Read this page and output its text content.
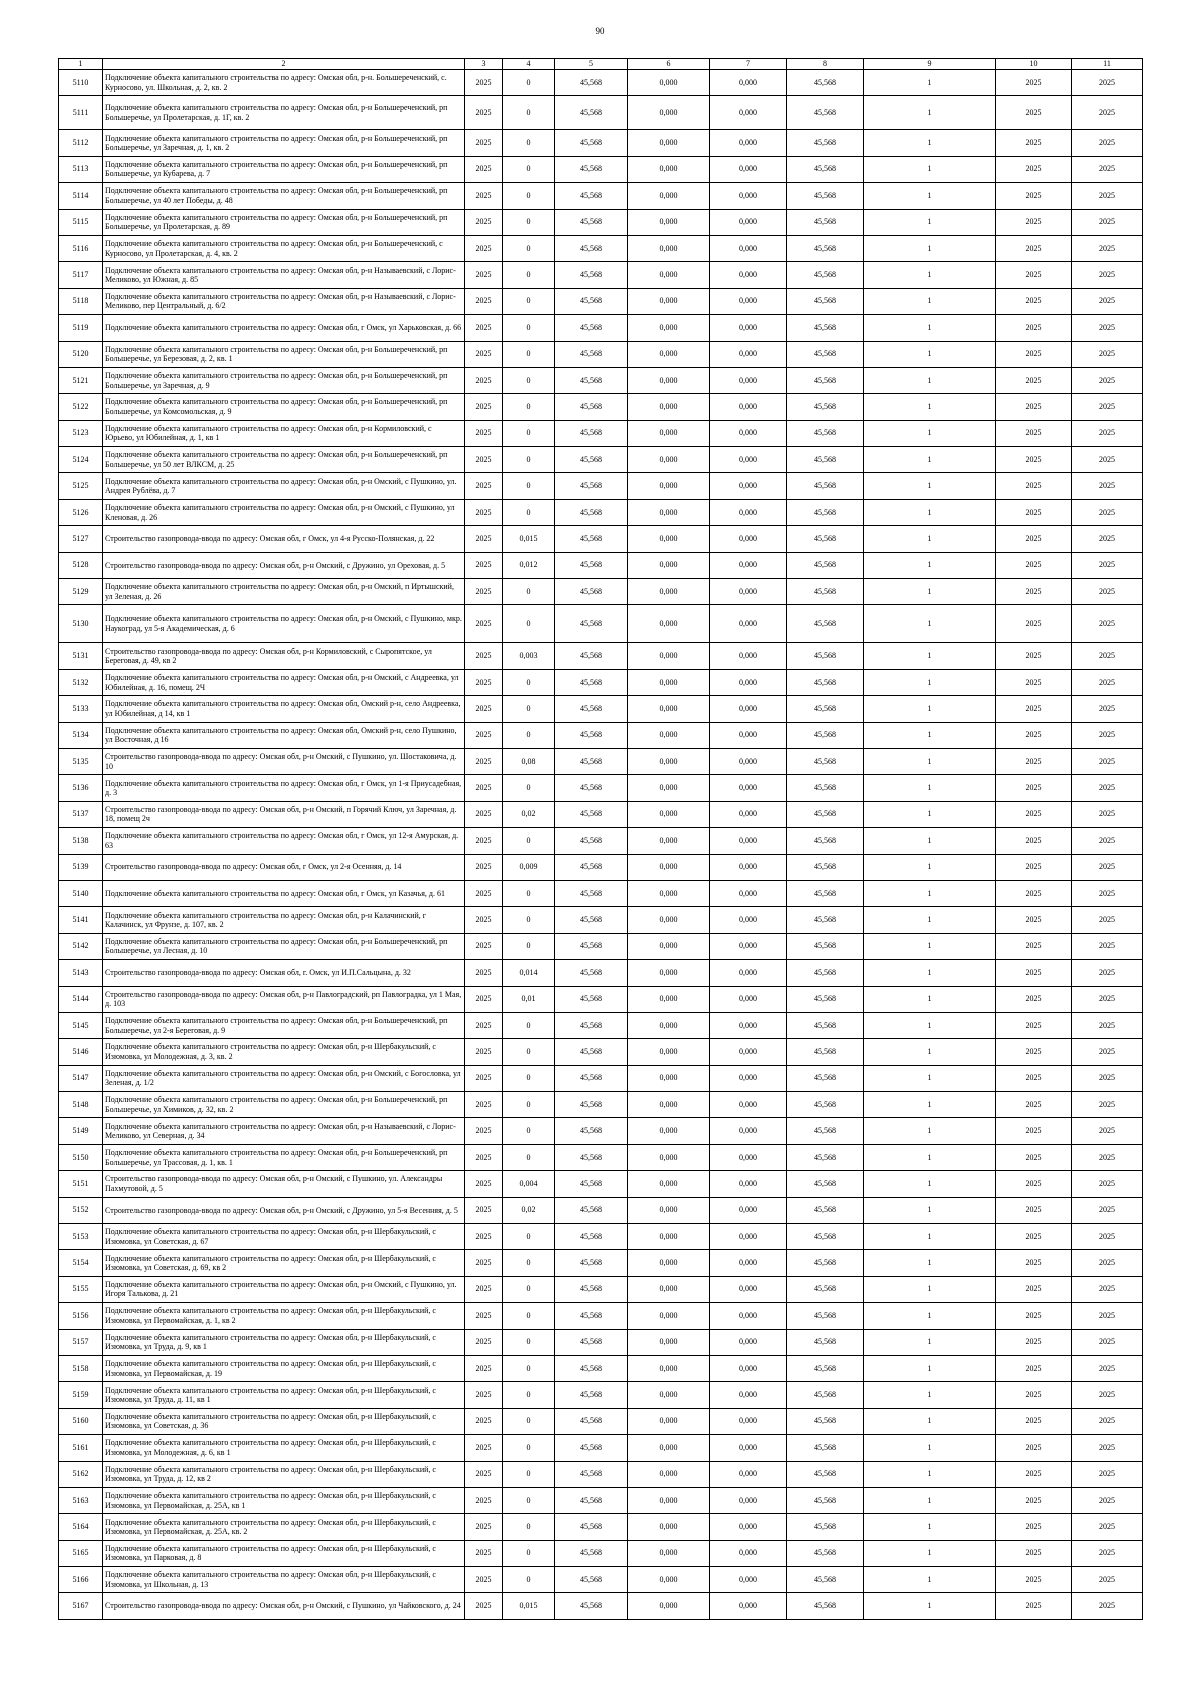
90
1	2	3	4	5	6	7	8	9	10	11
5110	Подключение объекта капитального строительства по адресу: Омская обл, р-н. Большереченский, с. Курносово, ул. Школьная, д. 2, кв. 2	2025	0	45,568	0,000	0,000	45,568	1	2025	2025
5111	Подключение объекта капитального строительства по адресу: Омская обл, р-н Большереченский, рп Большеречье, ул Пролетарская, д. 1Г, кв. 2	2025	0	45,568	0,000	0,000	45,568	1	2025	2025
5112	Подключение объекта капитального строительства по адресу: Омская обл, р-н Большереченский, рп Большеречье, ул Заречная, д. 1, кв. 2	2025	0	45,568	0,000	0,000	45,568	1	2025	2025
5113	Подключение объекта капитального строительства по адресу: Омская обл, р-н Большереченский, рп Большеречье, ул Кубарева, д. 7	2025	0	45,568	0,000	0,000	45,568	1	2025	2025
5114	Подключение объекта капитального строительства по адресу: Омская обл, р-н Большереченский, рп Большеречье, ул 40 лет Победы, д. 48	2025	0	45,568	0,000	0,000	45,568	1	2025	2025
5115	Подключение объекта капитального строительства по адресу: Омская обл, р-н Большереченский, рп Большеречье, ул Пролетарская, д. 89	2025	0	45,568	0,000	0,000	45,568	1	2025	2025
5116	Подключение объекта капитального строительства по адресу: Омская обл, р-н Большереченский, с Курносово, ул Пролетарская, д. 4, кв. 2	2025	0	45,568	0,000	0,000	45,568	1	2025	2025
5117	Подключение объекта капитального строительства по адресу: Омская обл, р-н Называевский, с Лорис-Меликово, ул Южная, д. 85	2025	0	45,568	0,000	0,000	45,568	1	2025	2025
5118	Подключение объекта капитального строительства по адресу: Омская обл, р-н Называевский, с Лорис-Меликово, пер Центральный, д. 6/2	2025	0	45,568	0,000	0,000	45,568	1	2025	2025
5119	Подключение объекта капитального строительства по адресу: Омская обл, г Омск, ул Харьковская, д. 66	2025	0	45,568	0,000	0,000	45,568	1	2025	2025
5120	Подключение объекта капитального строительства по адресу: Омская обл, р-н Большереченский, рп Большеречье, ул Березовая, д. 2, кв. 1	2025	0	45,568	0,000	0,000	45,568	1	2025	2025
5121	Подключение объекта капитального строительства по адресу: Омская обл, р-н Большереченский, рп Большеречье, ул Заречная, д. 9	2025	0	45,568	0,000	0,000	45,568	1	2025	2025
5122	Подключение объекта капитального строительства по адресу: Омская обл, р-н Большереченский, рп Большеречье, ул Комсомольская, д. 9	2025	0	45,568	0,000	0,000	45,568	1	2025	2025
5123	Подключение объекта капитального строительства по адресу: Омская обл, р-н Кормиловский, с Юрьево, ул Юбилейная, д. 1, кв 1	2025	0	45,568	0,000	0,000	45,568	1	2025	2025
5124	Подключение объекта капитального строительства по адресу: Омская обл, р-н Большереченский, рп Большеречье, ул 50 лет ВЛКСМ, д. 25	2025	0	45,568	0,000	0,000	45,568	1	2025	2025
5125	Подключение объекта капитального строительства по адресу: Омская обл, р-н Омский, с Пушкино, ул. Андрея Рублёва, д. 7	2025	0	45,568	0,000	0,000	45,568	1	2025	2025
5126	Подключение объекта капитального строительства по адресу: Омская обл, р-н Омский, с Пушкино, ул Кленовая, д. 26	2025	0	45,568	0,000	0,000	45,568	1	2025	2025
5127	Строительство газопровода-ввода по адресу: Омская обл, г Омск, ул 4-я Русско-Полянская, д. 22	2025	0,015	45,568	0,000	0,000	45,568	1	2025	2025
5128	Строительство газопровода-ввода по адресу: Омская обл, р-н Омский, с Дружино, ул Ореховая, д. 5	2025	0,012	45,568	0,000	0,000	45,568	1	2025	2025
5129	Подключение объекта капитального строительства по адресу: Омская обл, р-н Омский, п Иртышский, ул Зеленая, д. 26	2025	0	45,568	0,000	0,000	45,568	1	2025	2025
5130	Подключение объекта капитального строительства по адресу: Омская обл, р-н Омский, с Пушкино, мкр. Наукоград, ул 5-я Академическая, д. 6	2025	0	45,568	0,000	0,000	45,568	1	2025	2025
5131	Строительство газопровода-ввода по адресу: Омская обл, р-н Кормиловский, с Сыропятское, ул Береговая, д. 49, кв 2	2025	0,003	45,568	0,000	0,000	45,568	1	2025	2025
5132	Подключение объекта капитального строительства по адресу: Омская обл, р-н Омский, с Андреевка, ул Юбилейная, д. 16, помещ. 2Ч	2025	0	45,568	0,000	0,000	45,568	1	2025	2025
5133	Подключение объекта капитального строительства по адресу: Омская обл, Омский р-н, село Андреевка, ул Юбилейная, д 14, кв 1	2025	0	45,568	0,000	0,000	45,568	1	2025	2025
5134	Подключение объекта капитального строительства по адресу: Омская обл, Омский р-н, село Пушкино, ул Восточная, д 16	2025	0	45,568	0,000	0,000	45,568	1	2025	2025
5135	Строительство газопровода-ввода по адресу: Омская обл, р-н Омский, с Пушкино, ул. Шостаковича, д. 10	2025	0,08	45,568	0,000	0,000	45,568	1	2025	2025
5136	Подключение объекта капитального строительства по адресу: Омская обл, г Омск, ул 1-я Приусадебная, д. 3	2025	0	45,568	0,000	0,000	45,568	1	2025	2025
5137	Строительство газопровода-ввода по адресу: Омская обл, р-н Омский, п Горячий Ключ, ул Заречная, д. 18, помещ 2ч	2025	0,02	45,568	0,000	0,000	45,568	1	2025	2025
5138	Подключение объекта капитального строительства по адресу: Омская обл, г Омск, ул 12-я Амурская, д. 63	2025	0	45,568	0,000	0,000	45,568	1	2025	2025
5139	Строительство газопровода-ввода по адресу: Омская обл, г Омск, ул 2-я Осенняя, д. 14	2025	0,009	45,568	0,000	0,000	45,568	1	2025	2025
5140	Подключение объекта капитального строительства по адресу: Омская обл, г Омск, ул Казачья, д. 61	2025	0	45,568	0,000	0,000	45,568	1	2025	2025
5141	Подключение объекта капитального строительства по адресу: Омская обл, р-н Калачинский, г Калачинск, ул Фрунзе, д. 107, кв. 2	2025	0	45,568	0,000	0,000	45,568	1	2025	2025
5142	Подключение объекта капитального строительства по адресу: Омская обл, р-н Большереченский, рп Большеречье, ул Лесная, д. 10	2025	0	45,568	0,000	0,000	45,568	1	2025	2025
5143	Строительство газопровода-ввода по адресу: Омская обл, г. Омск, ул И.П.Сальцына, д. 32	2025	0,014	45,568	0,000	0,000	45,568	1	2025	2025
5144	Строительство газопровода-ввода по адресу: Омская обл, р-н Павлоградский, рп Павлоградка, ул 1 Мая, д. 103	2025	0,01	45,568	0,000	0,000	45,568	1	2025	2025
5145	Подключение объекта капитального строительства по адресу: Омская обл, р-н Большереченский, рп Большеречье, ул 2-я Береговая, д. 9	2025	0	45,568	0,000	0,000	45,568	1	2025	2025
5146	Подключение объекта капитального строительства по адресу: Омская обл, р-н Шербакульский, с Изюмовка, ул Молодежная, д. 3, кв. 2	2025	0	45,568	0,000	0,000	45,568	1	2025	2025
5147	Подключение объекта капитального строительства по адресу: Омская обл, р-н Омский, с Богословка, ул Зеленая, д. 1/2	2025	0	45,568	0,000	0,000	45,568	1	2025	2025
5148	Подключение объекта капитального строительства по адресу: Омская обл, р-н Большереченский, рп Большеречье, ул Химиков, д. 32, кв. 2	2025	0	45,568	0,000	0,000	45,568	1	2025	2025
5149	Подключение объекта капитального строительства по адресу: Омская обл, р-н Называевский, с Лорис-Меликово, ул Северная, д. 34	2025	0	45,568	0,000	0,000	45,568	1	2025	2025
5150	Подключение объекта капитального строительства по адресу: Омская обл, р-н Большереченский, рп Большеречье, ул Трассовая, д. 1, кв. 1	2025	0	45,568	0,000	0,000	45,568	1	2025	2025
5151	Строительство газопровода-ввода по адресу: Омская обл, р-н Омский, с Пушкино, ул. Александры Пахмутовой, д. 5	2025	0,004	45,568	0,000	0,000	45,568	1	2025	2025
5152	Строительство газопровода-ввода по адресу: Омская обл, р-н Омский, с Дружино, ул 5-я Весенняя, д. 5	2025	0,02	45,568	0,000	0,000	45,568	1	2025	2025
5153	Подключение объекта капитального строительства по адресу: Омская обл, р-н Шербакульский, с Изюмовка, ул Советская, д. 67	2025	0	45,568	0,000	0,000	45,568	1	2025	2025
5154	Подключение объекта капитального строительства по адресу: Омская обл, р-н Шербакульский, с Изюмовка, ул Советская, д. 69, кв 2	2025	0	45,568	0,000	0,000	45,568	1	2025	2025
5155	Подключение объекта капитального строительства по адресу: Омская обл, р-н Омский, с Пушкино, ул. Игоря Талькова, д. 21	2025	0	45,568	0,000	0,000	45,568	1	2025	2025
5156	Подключение объекта капитального строительства по адресу: Омская обл, р-н Шербакульский, с Изюмовка, ул Первомайская, д. 1, кв 2	2025	0	45,568	0,000	0,000	45,568	1	2025	2025
5157	Подключение объекта капитального строительства по адресу: Омская обл, р-н Шербакульский, с Изюмовка, ул Труда, д. 9, кв 1	2025	0	45,568	0,000	0,000	45,568	1	2025	2025
5158	Подключение объекта капитального строительства по адресу: Омская обл, р-н Шербакульский, с Изюмовка, ул Первомайская, д. 19	2025	0	45,568	0,000	0,000	45,568	1	2025	2025
5159	Подключение объекта капитального строительства по адресу: Омская обл, р-н Шербакульский, с Изюмовка, ул Труда, д. 11, кв 1	2025	0	45,568	0,000	0,000	45,568	1	2025	2025
5160	Подключение объекта капитального строительства по адресу: Омская обл, р-н Шербакульский, с Изюмовка, ул Советская, д. 36	2025	0	45,568	0,000	0,000	45,568	1	2025	2025
5161	Подключение объекта капитального строительства по адресу: Омская обл, р-н Шербакульский, с Изюмовка, ул Молодежная, д. 6, кв 1	2025	0	45,568	0,000	0,000	45,568	1	2025	2025
5162	Подключение объекта капитального строительства по адресу: Омская обл, р-н Шербакульский, с Изюмовка, ул Труда, д. 12, кв 2	2025	0	45,568	0,000	0,000	45,568	1	2025	2025
5163	Подключение объекта капитального строительства по адресу: Омская обл, р-н Шербакульский, с Изюмовка, ул Первомайская, д. 25А, кв 1	2025	0	45,568	0,000	0,000	45,568	1	2025	2025
5164	Подключение объекта капитального строительства по адресу: Омская обл, р-н Шербакульский, с Изюмовка, ул Первомайская, д. 25А, кв. 2	2025	0	45,568	0,000	0,000	45,568	1	2025	2025
5165	Подключение объекта капитального строительства по адресу: Омская обл, р-н Шербакульский, с Изюмовка, ул Парковая, д. 8	2025	0	45,568	0,000	0,000	45,568	1	2025	2025
5166	Подключение объекта капитального строительства по адресу: Омская обл, р-н Шербакульский, с Изюмовка, ул Школьная, д. 13	2025	0	45,568	0,000	0,000	45,568	1	2025	2025
5167	Строительство газопровода-ввода по адресу: Омская обл, р-н Омский, с Пушкино, ул Чайковского, д. 24	2025	0,015	45,568	0,000	0,000	45,568	1	2025	2025
